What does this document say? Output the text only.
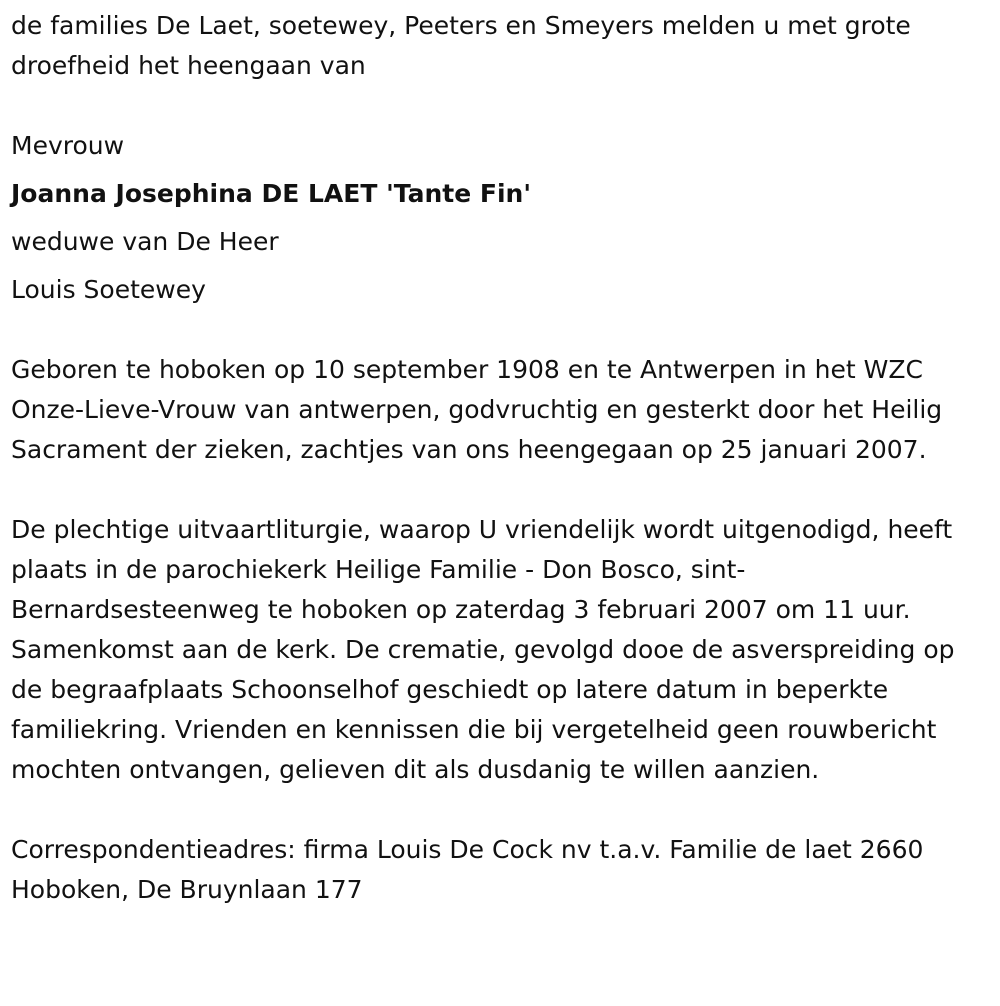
de families De Laet, soetewey, Peeters en Smeyers melden u met grote droefheid het heengaan van

Mevrouw

Joanna Josephina DE LAET 'Tante Fin'

weduwe van De Heer

Louis Soetewey

Geboren te hoboken op 10 september 1908 en te Antwerpen in het WZC Onze-Lieve-Vrouw van antwerpen, godvruchtig en gesterkt door het Heilig Sacrament der zieken, zachtjes van ons heengegaan op 25 januari 2007.

De plechtige uitvaartliturgie, waarop U vriendelijk wordt uitgenodigd, heeft plaats in de parochiekerk Heilige Familie - Don Bosco, sint-Bernardsesteenweg te hoboken op zaterdag 3 februari 2007 om 11 uur. Samenkomst aan de kerk. De crematie, gevolgd dooe de asverspreiding op de begraafplaats Schoonselhof geschiedt op latere datum in beperkte familiekring. Vrienden en kennissen die bij vergetelheid geen rouwbericht mochten ontvangen, gelieven dit als dusdanig te willen aanzien.

Correspondentieadres: firma Louis De Cock nv t.a.v. Familie de laet 2660 Hoboken, De Bruynlaan 177
